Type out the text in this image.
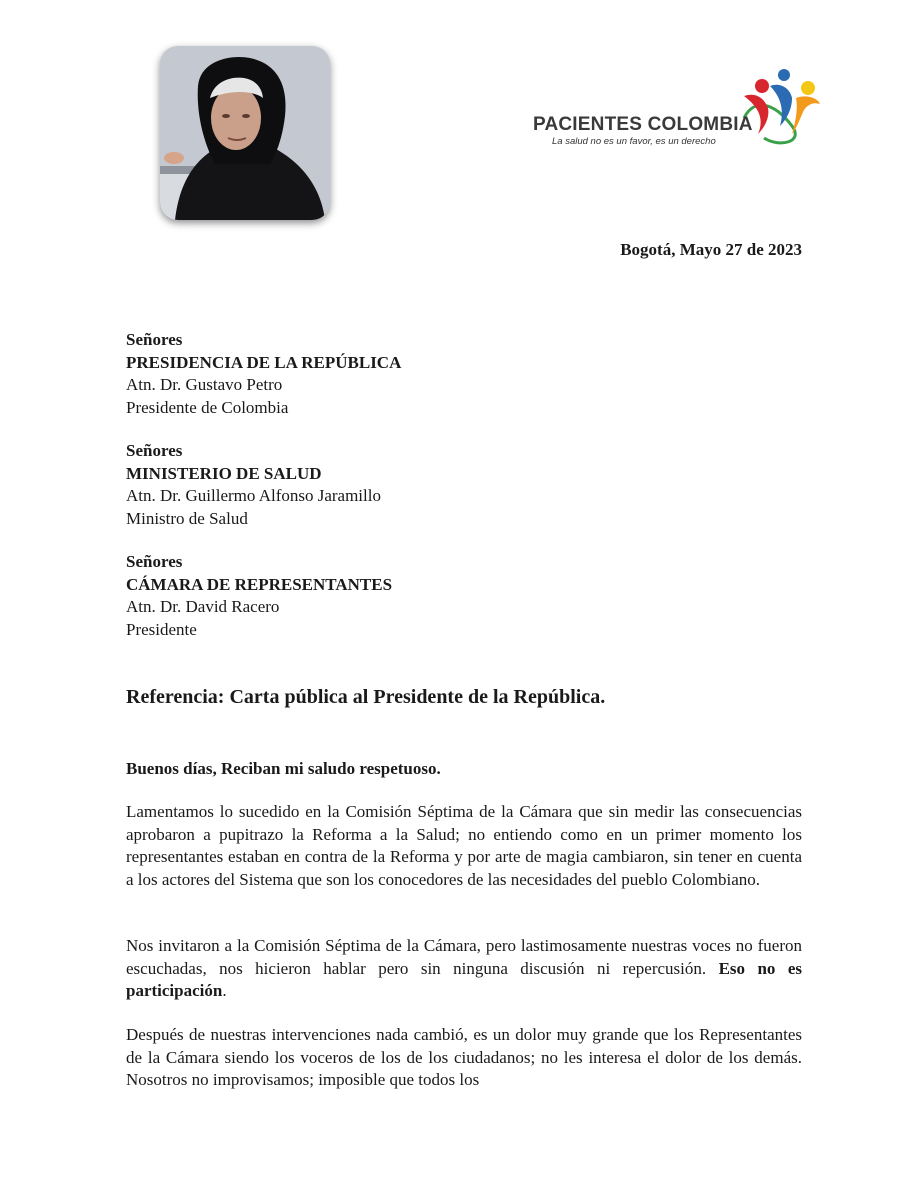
PACIENTES COLOMBIA
La salud no es un favor, es un derecho
Bogotá, Mayo 27 de 2023
Señores
PRESIDENCIA DE LA REPÚBLICA
Atn. Dr. Gustavo Petro
Presidente de Colombia
Señores
MINISTERIO DE SALUD
Atn. Dr. Guillermo Alfonso Jaramillo
Ministro de Salud
Señores
CÁMARA DE REPRESENTANTES
Atn. Dr. David Racero
Presidente
Referencia: Carta pública al Presidente de la República.
Buenos días, Reciban mi saludo respetuoso.

Lamentamos lo sucedido en la Comisión Séptima de la Cámara que sin medir las consecuencias aprobaron a pupitrazo la Reforma a la Salud; no entiendo como en un primer momento los representantes estaban en contra de la Reforma y por arte de magia cambiaron, sin tener en cuenta a los actores del Sistema que son los conocedores de las necesidades del pueblo Colombiano.

Nos invitaron a la Comisión Séptima de la Cámara, pero lastimosamente nuestras voces no fueron escuchadas, nos hicieron hablar pero sin ninguna discusión ni repercusión. Eso no es participación.

Después de nuestras intervenciones nada cambió, es un dolor muy grande que los Representantes de la Cámara siendo los voceros de los de los ciudadanos; no les interesa el dolor de los demás. Nosotros no improvisamos; imposible que todos los
